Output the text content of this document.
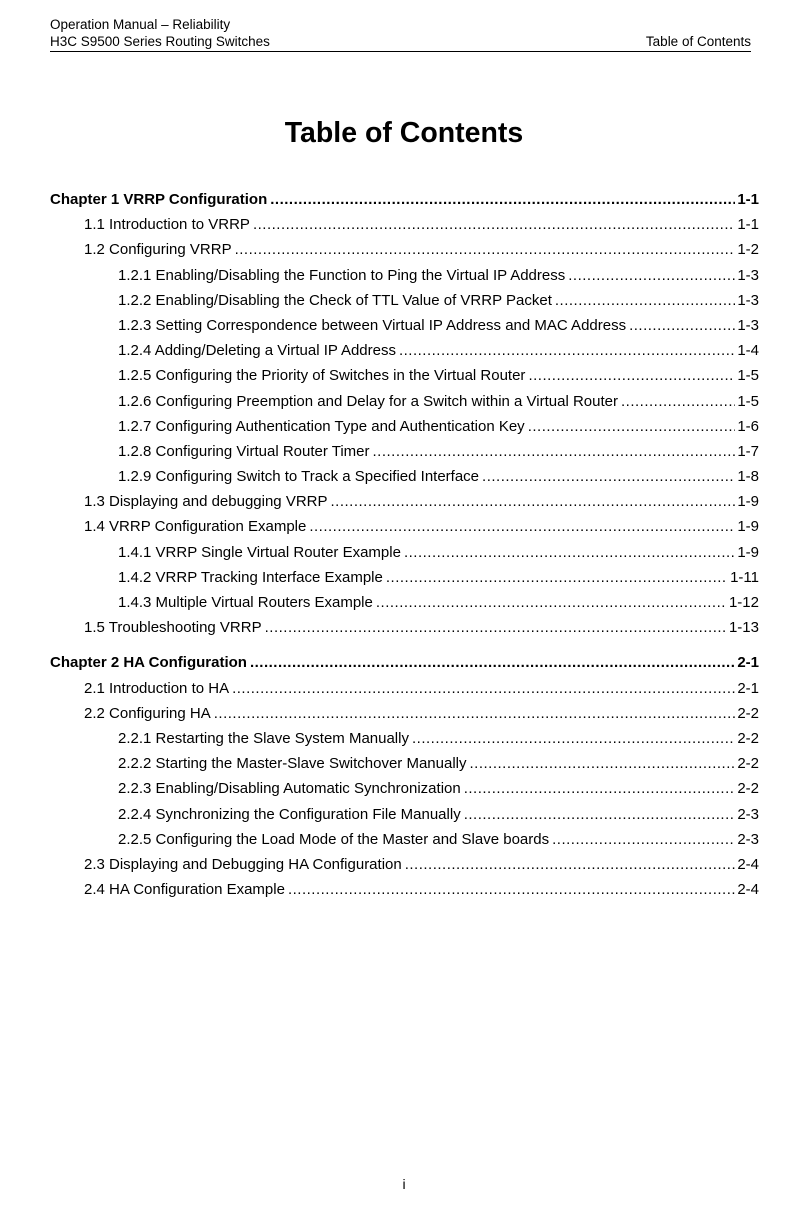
Operation Manual – Reliability
H3C S9500 Series Routing Switches	Table of Contents
Table of Contents
Chapter 1 VRRP Configuration .....	1-1
1.1 Introduction to VRRP .....	1-1
1.2 Configuring VRRP .....	1-2
1.2.1 Enabling/Disabling the Function to Ping the Virtual IP Address .....	1-3
1.2.2 Enabling/Disabling the Check of TTL Value of VRRP Packet .....	1-3
1.2.3 Setting Correspondence between Virtual IP Address and MAC Address .....	1-3
1.2.4 Adding/Deleting a Virtual IP Address .....	1-4
1.2.5 Configuring the Priority of Switches in the Virtual Router .....	1-5
1.2.6 Configuring Preemption and Delay for a Switch within a Virtual Router .....	1-5
1.2.7 Configuring Authentication Type and Authentication Key .....	1-6
1.2.8 Configuring Virtual Router Timer .....	1-7
1.2.9 Configuring Switch to Track a Specified Interface .....	1-8
1.3 Displaying and debugging VRRP .....	1-9
1.4 VRRP Configuration Example .....	1-9
1.4.1 VRRP Single Virtual Router Example .....	1-9
1.4.2 VRRP Tracking Interface Example .....	1-11
1.4.3 Multiple Virtual Routers Example .....	1-12
1.5 Troubleshooting VRRP .....	1-13
Chapter 2 HA Configuration .....	2-1
2.1 Introduction to HA .....	2-1
2.2 Configuring HA .....	2-2
2.2.1 Restarting the Slave System Manually .....	2-2
2.2.2 Starting the Master-Slave Switchover Manually .....	2-2
2.2.3 Enabling/Disabling Automatic Synchronization .....	2-2
2.2.4 Synchronizing the Configuration File Manually .....	2-3
2.2.5 Configuring the Load Mode of the Master and Slave boards .....	2-3
2.3 Displaying and Debugging HA Configuration .....	2-4
2.4 HA Configuration Example .....	2-4
i
